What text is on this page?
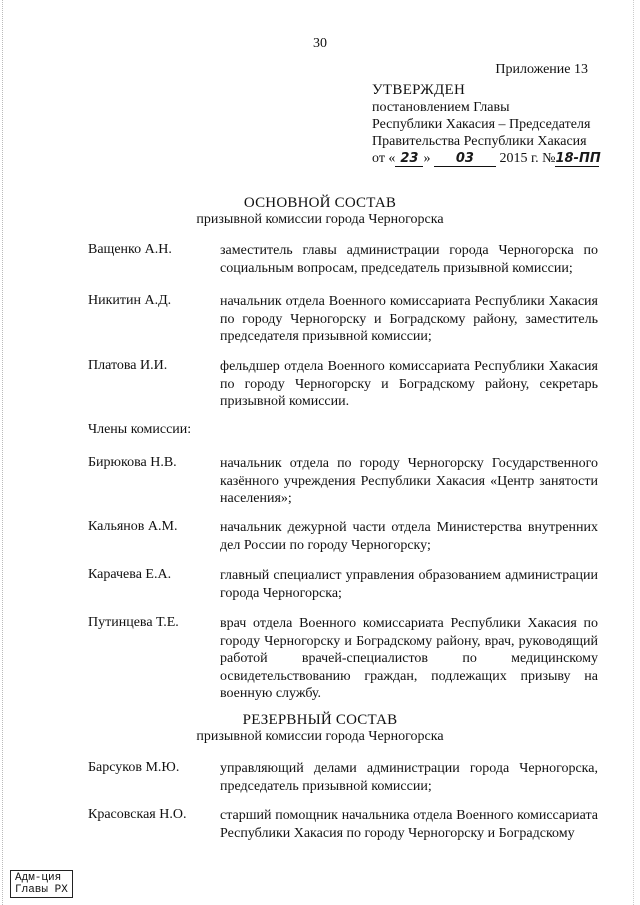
30
Приложение 13
УТВЕРЖДЕН
постановлением Главы
Республики Хакасия – Председателя
Правительства Республики Хакасия
от « 23 » 03 2015 г. №18-ПП
ОСНОВНОЙ СОСТАВ
призывной комиссии города Черногорска
Ващенко А.Н.	заместитель главы администрации города Черногорска по социальным вопросам, председатель призывной комиссии;
Никитин А.Д.	начальник отдела Военного комиссариата Республики Хакасия по городу Черногорску и Боградскому району, заместитель председателя призывной комиссии;
Платова И.И.	фельдшер отдела Военного комиссариата Республики Хакасия по городу Черногорску и Боградскому району, секретарь призывной комиссии.
Члены комиссии:
Бирюкова Н.В.	начальник отдела по городу Черногорску Государственного казённого учреждения Республики Хакасия «Центр занятости населения»;
Кальянов А.М.	начальник дежурной части отдела Министерства внутренних дел России по городу Черногорску;
Карачева Е.А.	главный специалист управления образованием администрации города Черногорска;
Путинцева Т.Е.	врач отдела Военного комиссариата Республики Хакасия по городу Черногорску и Боградскому району, врач, руководящий работой врачей-специалистов по медицинскому освидетельствованию граждан, подлежащих призыву на военную службу.
РЕЗЕРВНЫЙ СОСТАВ
призывной комиссии города Черногорска
Барсуков М.Ю.	управляющий делами администрации города Черногорска, председатель призывной комиссии;
Красовская Н.О. старший помощник начальника отдела Военного комиссариата Республики Хакасия по городу Черногорску и Боградскому
Адм-ция
Главы РХ
